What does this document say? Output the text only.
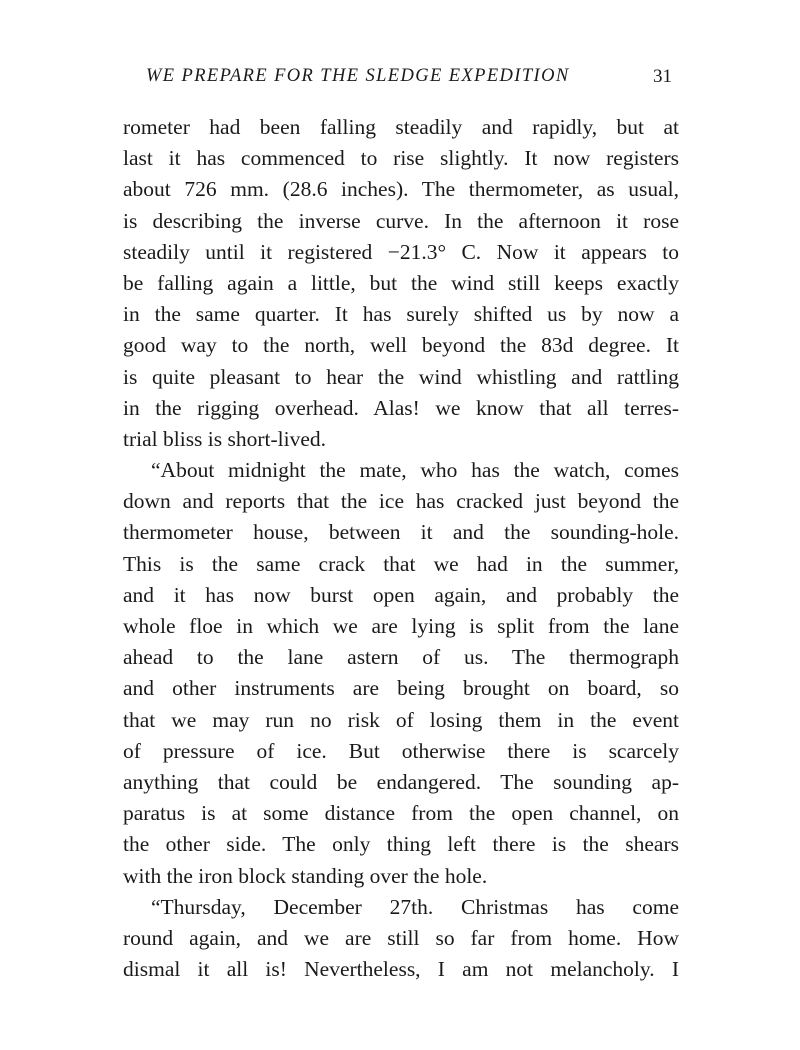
WE PREPARE FOR THE SLEDGE EXPEDITION	31
rometer had been falling steadily and rapidly, but at
last it has commenced to rise slightly. It now registers
about 726 mm. (28.6 inches). The thermometer, as usual,
is describing the inverse curve. In the afternoon it rose
steadily until it registered −21.3° C. Now it appears to
be falling again a little, but the wind still keeps exactly
in the same quarter. It has surely shifted us by now a
good way to the north, well beyond the 83d degree. It
is quite pleasant to hear the wind whistling and rattling
in the rigging overhead. Alas! we know that all terres-
trial bliss is short-lived.
“About midnight the mate, who has the watch, comes
down and reports that the ice has cracked just beyond the
thermometer house, between it and the sounding-hole.
This is the same crack that we had in the summer,
and it has now burst open again, and probably the
whole floe in which we are lying is split from the lane
ahead to the lane astern of us. The thermograph
and other instruments are being brought on board, so
that we may run no risk of losing them in the event
of pressure of ice. But otherwise there is scarcely
anything that could be endangered. The sounding ap-
paratus is at some distance from the open channel, on
the other side. The only thing left there is the shears
with the iron block standing over the hole.
“Thursday, December 27th. Christmas has come
round again, and we are still so far from home. How
dismal it all is! Nevertheless, I am not melancholy. I
